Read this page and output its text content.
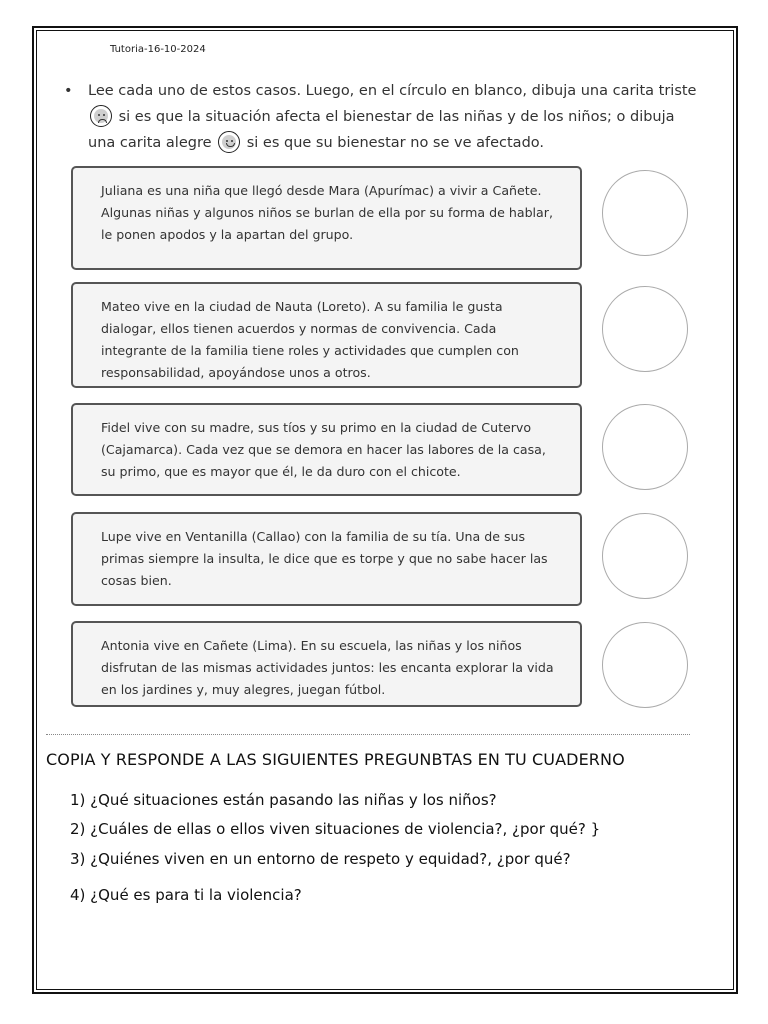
Tutoria-16-10-2024
• Lee cada uno de estos casos. Luego, en el círculo en blanco, dibuja una carita triste
si es que la situación afecta el bienestar de las niñas y de los niños; o dibuja una carita alegre si es que su bienestar no se ve afectado.
Juliana es una niña que llegó desde Mara (Apurímac) a vivir a Cañete. Algunas niñas y algunos niños se burlan de ella por su forma de hablar, le ponen apodos y la apartan del grupo.
Mateo vive en la ciudad de Nauta (Loreto). A su familia le gusta dialogar, ellos tienen acuerdos y normas de convivencia. Cada integrante de la familia tiene roles y actividades que cumplen con responsabilidad, apoyándose unos a otros.
Fidel vive con su madre, sus tíos y su primo en la ciudad de Cutervo (Cajamarca). Cada vez que se demora en hacer las labores de la casa, su primo, que es mayor que él, le da duro con el chicote.
Lupe vive en Ventanilla (Callao) con la familia de su tía. Una de sus primas siempre la insulta, le dice que es torpe y que no sabe hacer las cosas bien.
Antonia vive en Cañete (Lima). En su escuela, las niñas y los niños disfrutan de las mismas actividades juntos: les encanta explorar la vida en los jardines y, muy alegres, juegan fútbol.
COPIA Y RESPONDE A LAS SIGUIENTES PREGUNBTAS EN TU CUADERNO
1) ¿Qué situaciones están pasando las niñas y los niños?
2) ¿Cuáles de ellas o ellos viven situaciones de violencia?, ¿por qué? }
3) ¿Quiénes viven en un entorno de respeto y equidad?, ¿por qué?
4) ¿Qué es para ti la violencia?
